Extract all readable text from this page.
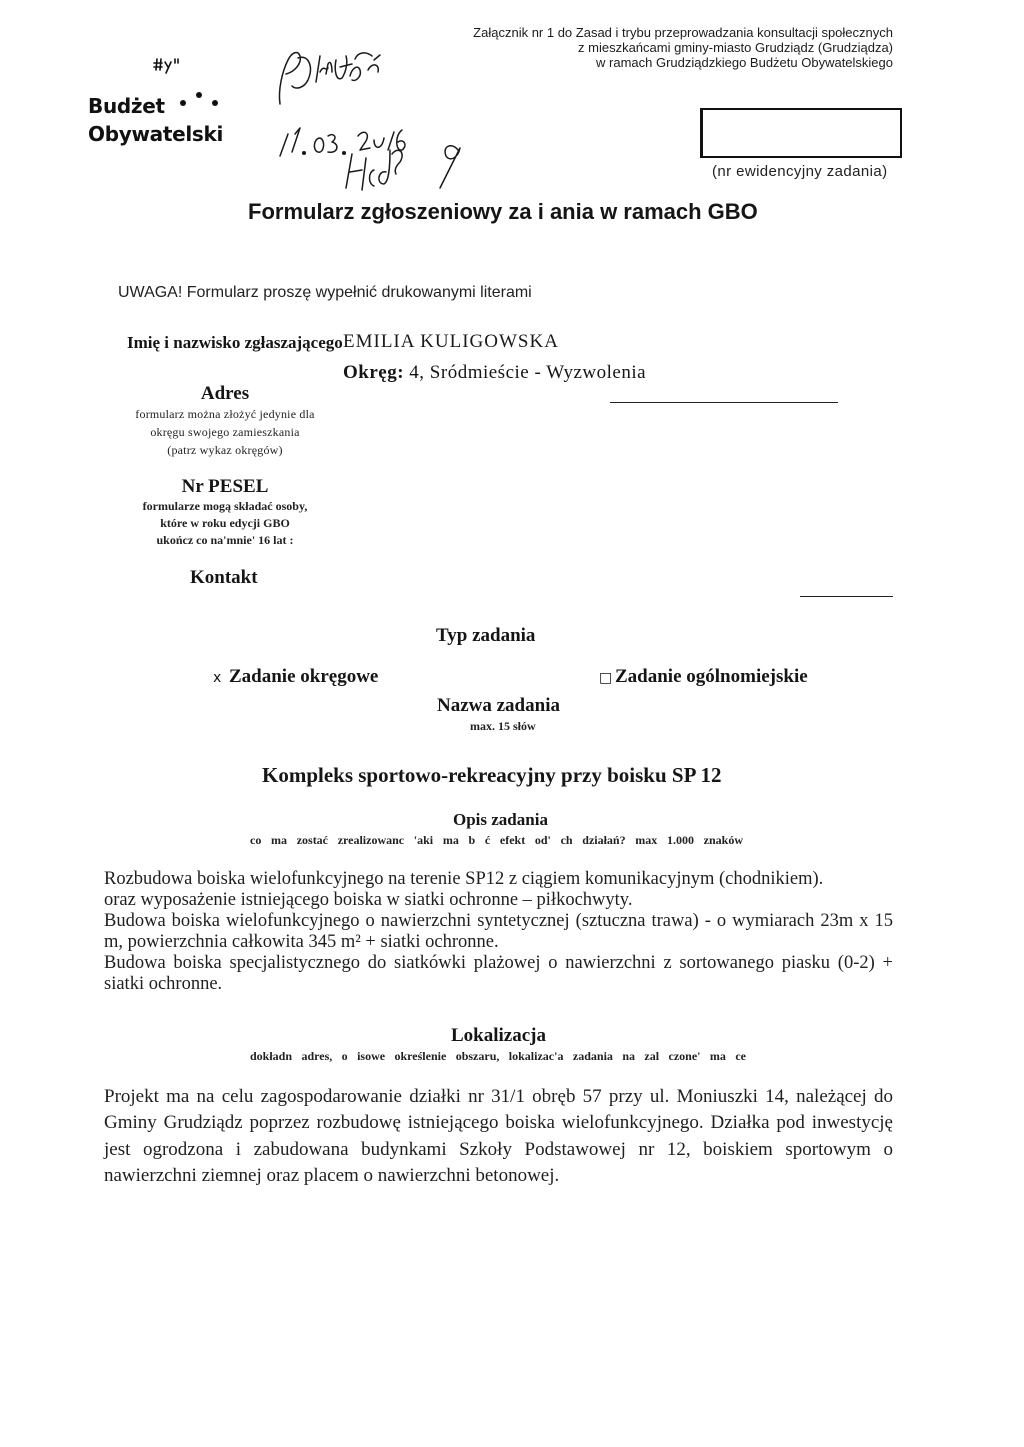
Załącznik nr 1 do Zasad i trybu przeprowadzania konsultacji społecznych
z mieszkańcami gminy-miasto Grudziądz (Grudziądza)
w ramach Grudziądzkiego Budżetu Obywatelskiego
Budżet
Obywatelski
(nr ewidencyjny zadania)
Formularz zgłoszeniowy za i ania w ramach GBO
UWAGA! Formularz proszę wypełnić drukowanymi literami
Imię i nazwisko zgłaszającego EMILIA KULIGOWSKA
Okręg: 4, Sródmieście - Wyzwolenia
Adres
formularz można złożyć jedynie dla
okręgu swojego zamieszkania
(patrz wykaz okręgów)
Nr PESEL
formularze mogą składać osoby,
które w roku edycji GBO
ukończ co na'mnie' 16 lat :
Kontakt
Typ zadania
x Zadanie okręgowe	□ Zadanie ogólnomiejskie
Nazwa zadania
max. 15 słów
Kompleks sportowo-rekreacyjny przy boisku SP 12
Opis zadania
co ma zostać zrealizowanc 'aki ma b ć efekt od' ch działań? max 1.000 znaków

Rozbudowa boiska wielofunkcyjnego na terenie SP12 z ciągiem komunikacyjnym (chodnikiem).

oraz wyposażenie istniejącego boiska w siatki ochronne – piłkochwyty.

Budowa boiska wielofunkcyjnego o nawierzchni syntetycznej (sztuczna trawa) - o wymiarach 23m x 15 m, powierzchnia całkowita 345 m² + siatki ochronne.

Budowa boiska specjalistycznego do siatkówki plażowej o nawierzchni z sortowanego piasku (0-2) + siatki ochronne.

Lokalizacja
dokładn adres, o isowe określenie obszaru, lokalizac'a zadania na zal czone' ma ce

Projekt ma na celu zagospodarowanie działki nr 31/1 obręb 57 przy ul. Moniuszki 14, należącej do Gminy Grudziądz poprzez rozbudowę istniejącego boiska wielofunkcyjnego. Działka pod inwestycję jest ogrodzona i zabudowana budynkami Szkoły Podstawowej nr 12, boiskiem sportowym o nawierzchni ziemnej oraz placem o nawierzchni betonowej.
